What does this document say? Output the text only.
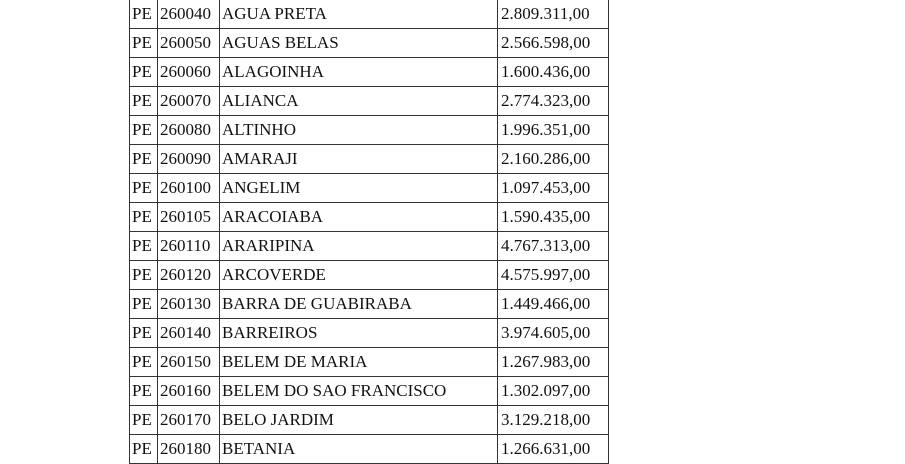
PE	260040	AGUA PRETA	2.809.311,00
PE	260050	AGUAS BELAS	2.566.598,00
PE	260060	ALAGOINHA	1.600.436,00
PE	260070	ALIANCA	2.774.323,00
PE	260080	ALTINHO	1.996.351,00
PE	260090	AMARAJI	2.160.286,00
PE	260100	ANGELIM	1.097.453,00
PE	260105	ARACOIABA	1.590.435,00
PE	260110	ARARIPINA	4.767.313,00
PE	260120	ARCOVERDE	4.575.997,00
PE	260130	BARRA DE GUABIRABA	1.449.466,00
PE	260140	BARREIROS	3.974.605,00
PE	260150	BELEM DE MARIA	1.267.983,00
PE	260160	BELEM DO SAO FRANCISCO	1.302.097,00
PE	260170	BELO JARDIM	3.129.218,00
PE	260180	BETANIA	1.266.631,00
